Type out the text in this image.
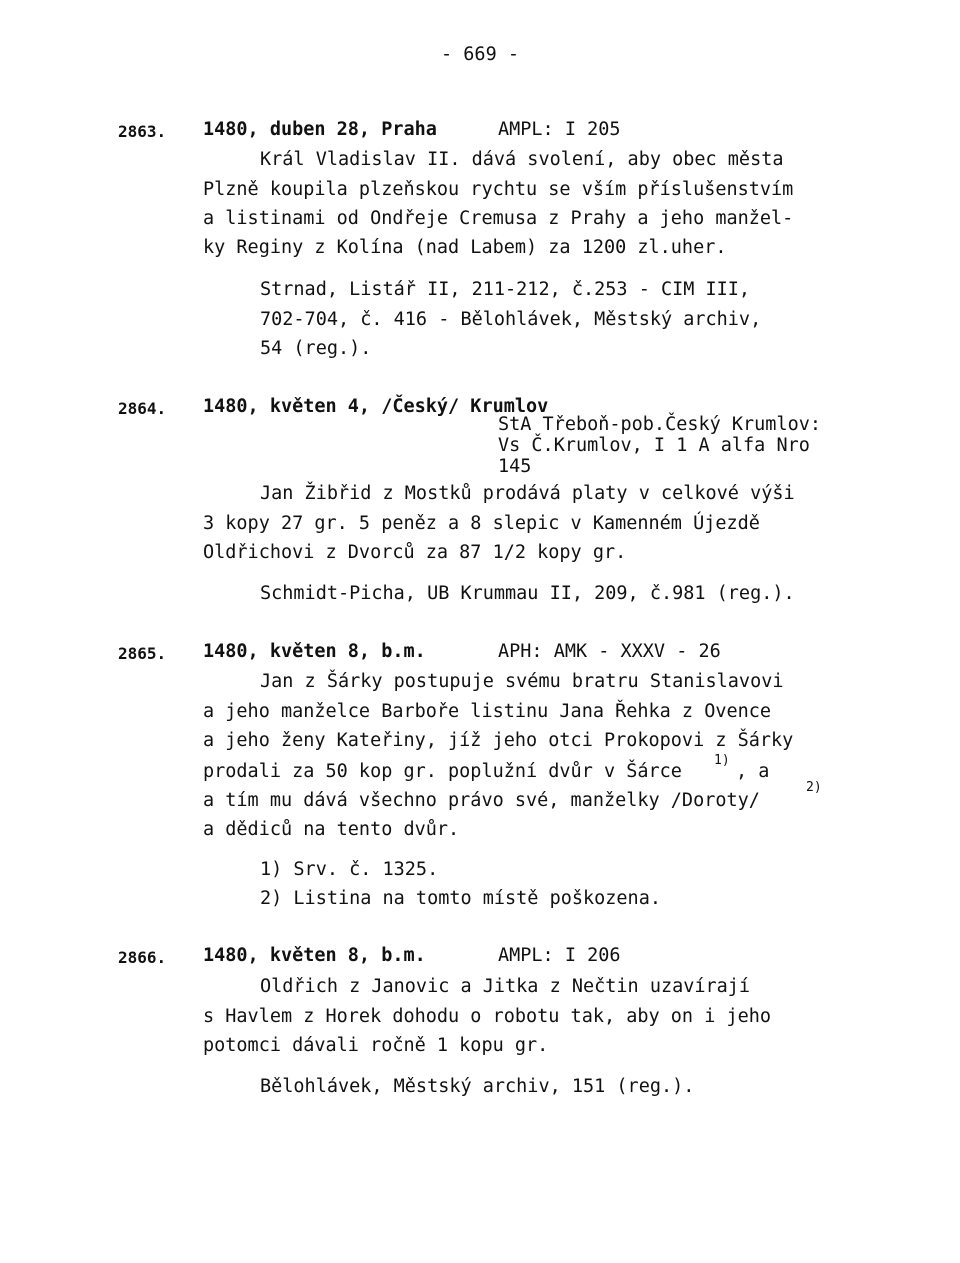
- 669 -
2863. 1480, duben 28, Praha	AMPL: I 205
Král Vladislav II. dává svolení, aby obec města
Plzně koupila plzeňskou rychtu se vším příslušenstvím
a listinami od Ondřeje Cremusa z Prahy a jeho manžel-
ky Reginy z Kolína (nad Labem) za 1200 zl.uher.
Strnad, Listář II, 211-212, č.253 - CIM III,
702-704, č. 416 - Bělohlávek, Městský archiv,
54 (reg.).
2864. 1480, květen 4, /Český/ Krumlov
StA Třeboň-pob.Český Krumlov:
Vs Č.Krumlov, I 1 A alfa Nro
145
Jan Žibřid z Mostků prodává platy v celkové výši
3 kopy 27 gr. 5 peněz a 8 slepic v Kamenném Újezdě
Oldřichovi z Dvorců za 87 1/2 kopy gr.
Schmidt-Picha, UB Krummau II, 209, č.981 (reg.).
2865. 1480, květen 8, b.m.	APH: AMK - XXXV - 26
Jan z Šárky postupuje svému bratru Stanislavovi
a jeho manželce Barboře listinu Jana Řehka z Ovence
a jeho ženy Kateřiny, jíž jeho otci Prokopovi z Šárky
prodali za 50 kop gr. poplužní dvůr v Šárce
1)
, a
a tím mu dává všechno právo své, manželky /Doroty/
2)
a dědiců na tento dvůr.
1) Srv. č. 1325.
2) Listina na tomto místě poškozena.
2866. 1480, květen 8, b.m.	AMPL: I 206
Oldřich z Janovic a Jitka z Nečtin uzavírají
s Havlem z Horek dohodu o robotu tak, aby on i jeho
potomci dávali ročně 1 kopu gr.
Bělohlávek, Městský archiv, 151 (reg.).
